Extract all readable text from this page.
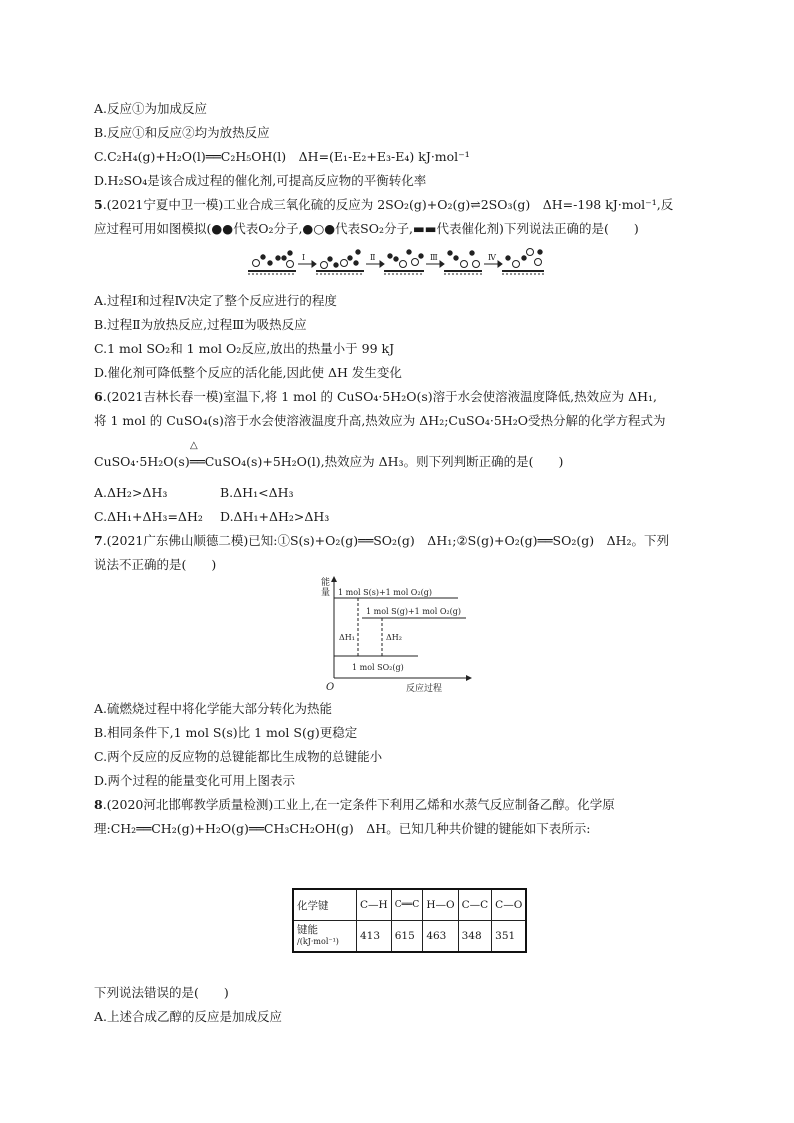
A.反应①为加成反应
B.反应①和反应②均为放热反应
C.C₂H₄(g)+H₂O(l)══C₂H₅OH(l)　ΔH=(E₁-E₂+E₃-E₄) kJ·mol⁻¹
D.H₂SO₄是该合成过程的催化剂,可提高反应物的平衡转化率
5.(2021宁夏中卫一模)工业合成三氧化硫的反应为 2SO₂(g)+O₂(g)⇌2SO₃(g)　ΔH=-198 kJ·mol⁻¹,反
应过程可用如图模拟(●●代表O₂分子,●○●代表SO₂分子,▬▬代表催化剂)下列说法正确的是(　　)
Ⅰ	Ⅱ	Ⅲ	Ⅳ
A.过程Ⅰ和过程Ⅳ决定了整个反应进行的程度
B.过程Ⅱ为放热反应,过程Ⅲ为吸热反应
C.1 mol SO₂和 1 mol O₂反应,放出的热量小于 99 kJ
D.催化剂可降低整个反应的活化能,因此使 ΔH 发生变化
6.(2021吉林长春一模)室温下,将 1 mol 的 CuSO₄·5H₂O(s)溶于水会使溶液温度降低,热效应为 ΔH₁,
将 1 mol 的 CuSO₄(s)溶于水会使溶液温度升高,热效应为 ΔH₂;CuSO₄·5H₂O受热分解的化学方程式为
△
CuSO₄·5H₂O(s)══CuSO₄(s)+5H₂O(l),热效应为 ΔH₃。则下列判断正确的是(　　)
A.ΔH₂>ΔH₃	B.ΔH₁<ΔH₃
C.ΔH₁+ΔH₃=ΔH₂ D.ΔH₁+ΔH₂>ΔH₃
7.(2021广东佛山顺德二模)已知:①S(s)+O₂(g)══SO₂(g)　ΔH₁;②S(g)+O₂(g)══SO₂(g)　ΔH₂。下列
说法不正确的是(　　)
能
量
O	反应过程
1 mol S(s)+1 mol O₂(g)
1 mol S(g)+1 mol O₂(g)
1 mol SO₂(g)
ΔH₁	ΔH₂
A.硫燃烧过程中将化学能大部分转化为热能
B.相同条件下,1 mol S(s)比 1 mol S(g)更稳定
C.两个反应的反应物的总键能都比生成物的总键能小
D.两个过程的能量变化可用上图表示
8.(2020河北邯郸教学质量检测)工业上,在一定条件下利用乙烯和水蒸气反应制备乙醇。化学原
理:CH₂══CH₂(g)+H₂O(g)══CH₃CH₂OH(g)　ΔH。已知几种共价键的键能如下表所示:
化学键	C—H	C══C	H—O	C—C	C—O
键能
/(kJ·mol⁻¹)	413	615	463	348	351
下列说法错误的是(　　)
A.上述合成乙醇的反应是加成反应
